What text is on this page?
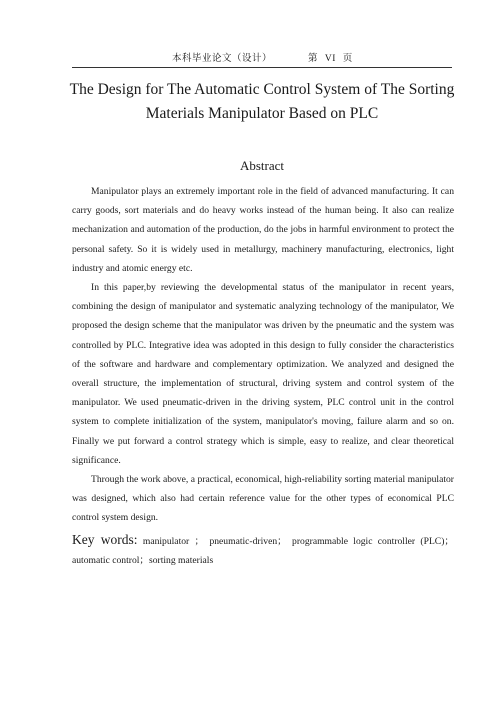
本科毕业论文（设计）	第 VI 页
The Design for The Automatic Control System of The Sorting
Materials Manipulator Based on PLC
Abstract

Manipulator plays an extremely important role in the field of advanced manufacturing. It can carry goods, sort materials and do heavy works instead of the human being. It also can realize mechanization and automation of the production, do the jobs in harmful environment to protect the personal safety. So it is widely used in metallurgy, machinery manufacturing, electronics, light industry and atomic energy etc.

In this paper,by reviewing the developmental status of the manipulator in recent years, combining the design of manipulator and systematic analyzing technology of the manipulator, We proposed the design scheme that the manipulator was driven by the pneumatic and the system was controlled by PLC. Integrative idea was adopted in this design to fully consider the characteristics of the software and hardware and complementary optimization. We analyzed and designed the overall structure, the implementation of structural, driving system and control system of the manipulator. We used pneumatic-driven in the driving system, PLC control unit in the control system to complete initialization of the system, manipulator's moving, failure alarm and so on. Finally we put forward a control strategy which is simple, easy to realize, and clear theoretical significance.

Through the work above, a practical, economical, high-reliability sorting material manipulator was designed, which also had certain reference value for the other types of economical PLC control system design.

Key words: manipulator ； pneumatic-driven； programmable logic controller (PLC)； automatic control；sorting materials
